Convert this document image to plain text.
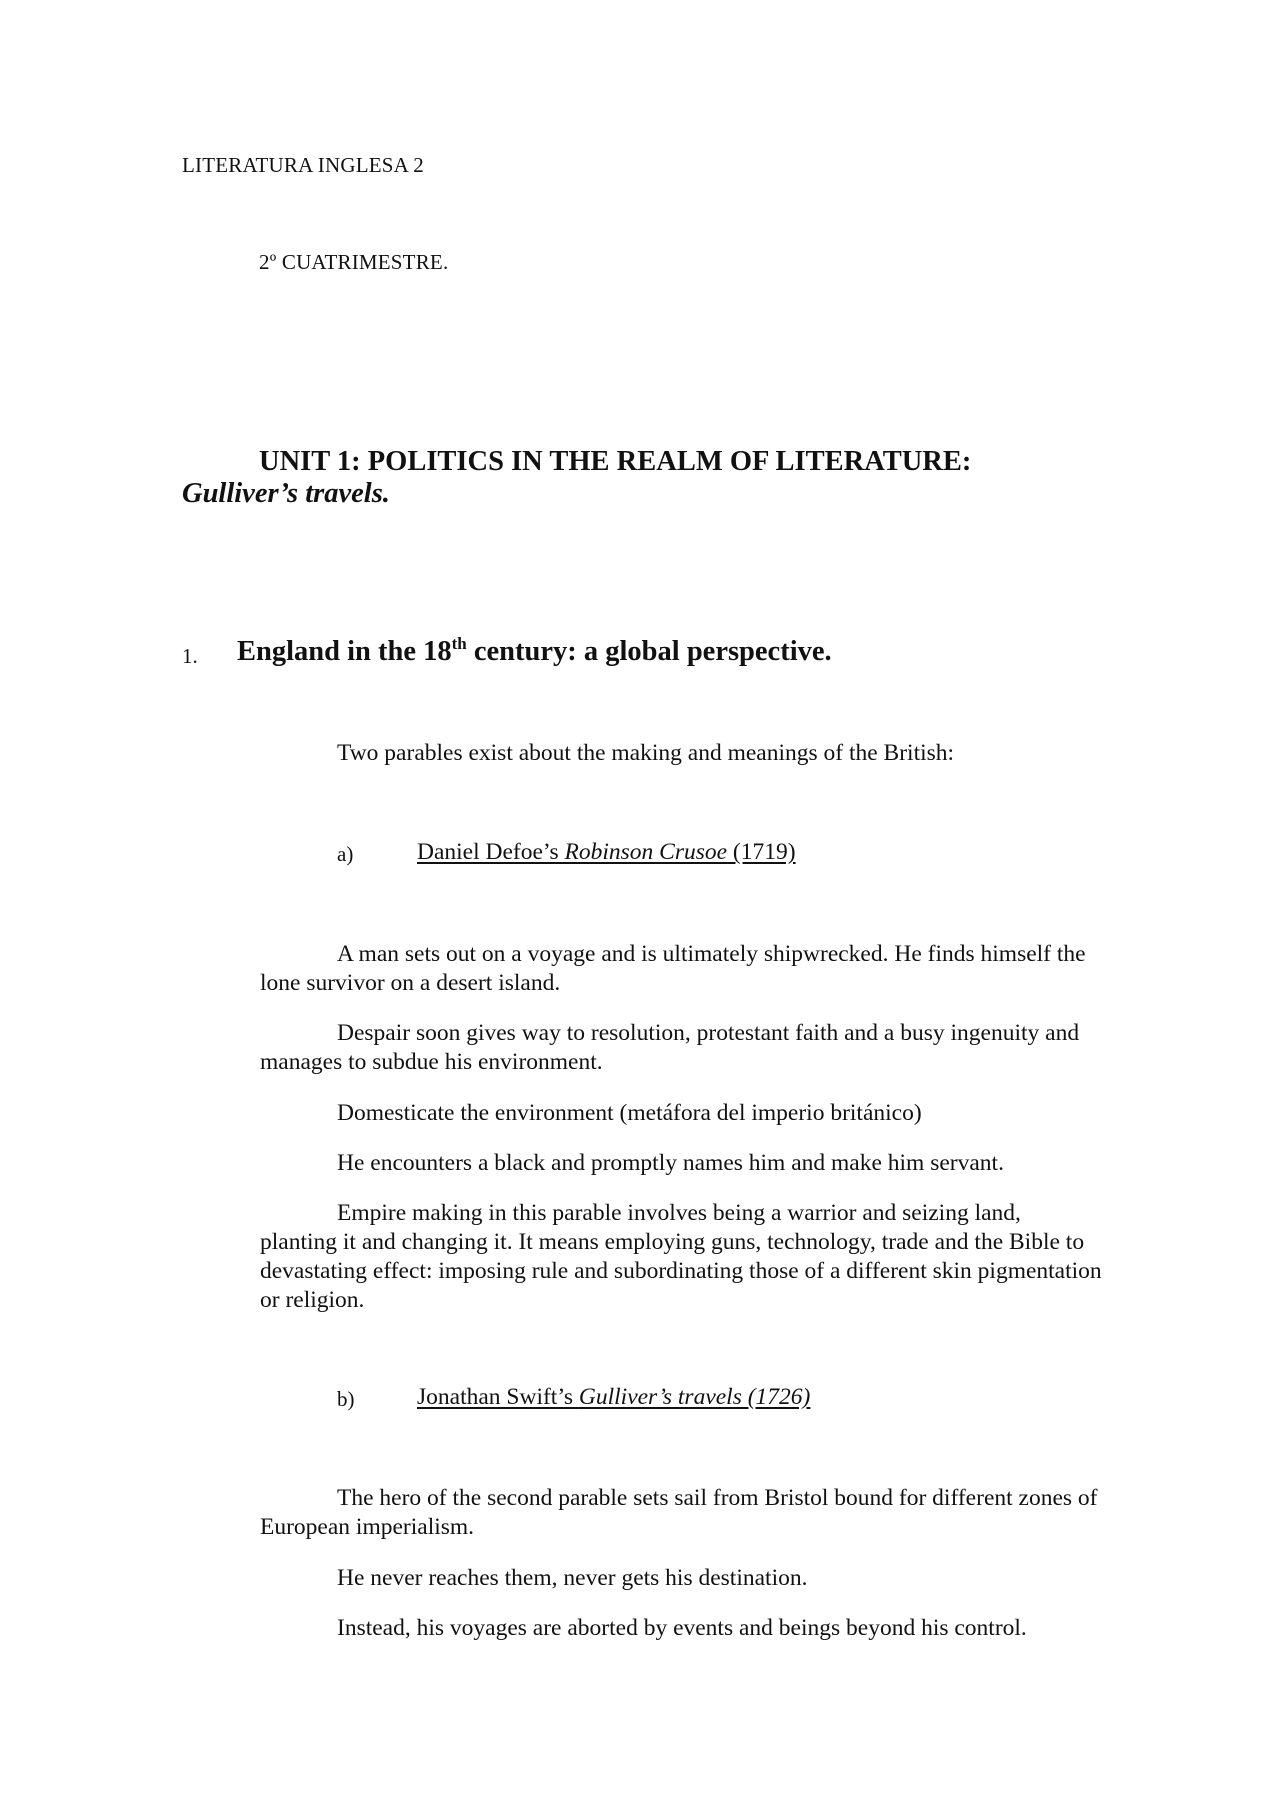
LITERATURA INGLESA 2
2º CUATRIMESTRE.
UNIT 1: POLITICS IN THE REALM OF LITERATURE:
Gulliver’s travels.
1. England in the 18th century: a global perspective.
Two parables exist about the making and meanings of the British:
a)	Daniel Defoe’s Robinson Crusoe (1719)
A man sets out on a voyage and is ultimately shipwrecked. He finds himself the lone survivor on a desert island.
Despair soon gives way to resolution, protestant faith and a busy ingenuity and manages to subdue his environment.
Domesticate the environment (metáfora del imperio británico)
He encounters a black and promptly names him and make him servant.
Empire making in this parable involves being a warrior and seizing land, planting it and changing it. It means employing guns, technology, trade and the Bible to devastating effect: imposing rule and subordinating those of a different skin pigmentation or religion.
b)	Jonathan Swift’s Gulliver’s travels (1726)
The hero of the second parable sets sail from Bristol bound for different zones of European imperialism.
He never reaches them, never gets his destination.
Instead, his voyages are aborted by events and beings beyond his control.
